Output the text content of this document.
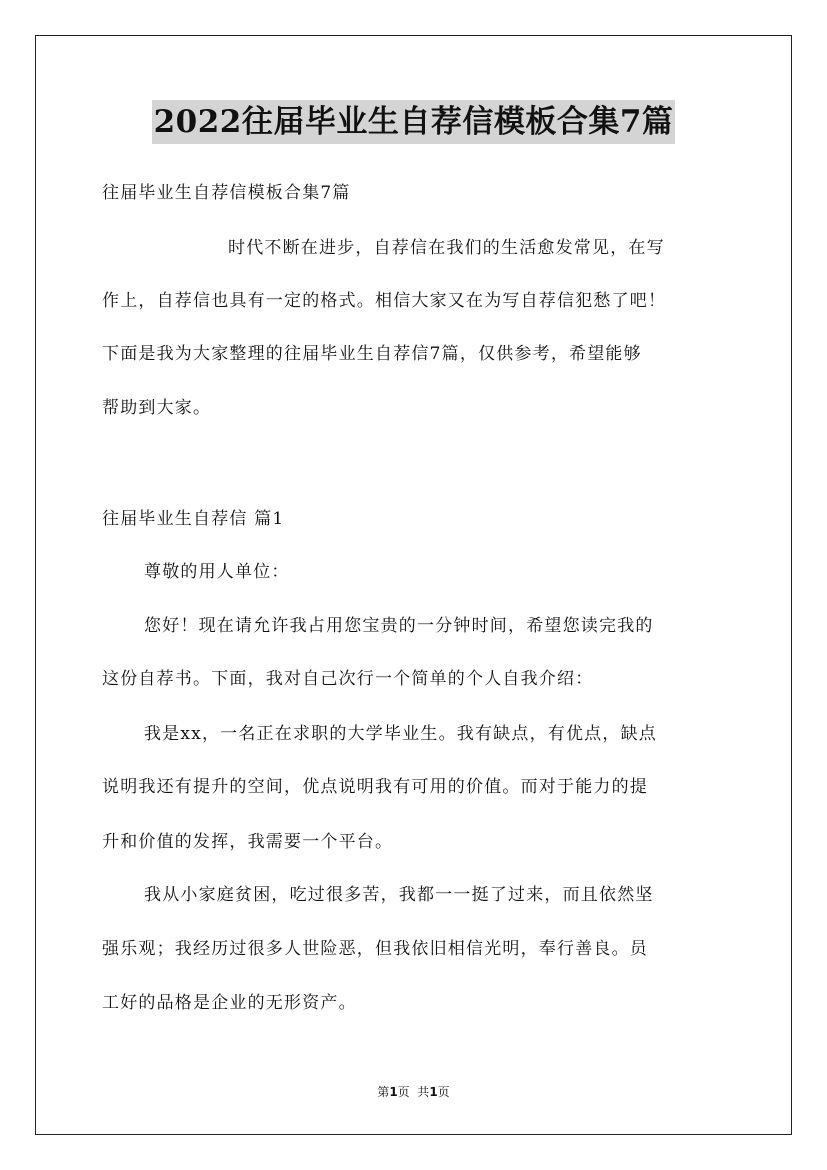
2022往届毕业生自荐信模板合集7篇

往届毕业生自荐信模板合集7篇

时代不断在进步，自荐信在我们的生活愈发常见，在写

作上，自荐信也具有一定的格式。相信大家又在为写自荐信犯愁了吧！

下面是我为大家整理的往届毕业生自荐信7篇，仅供参考，希望能够

帮助到大家。

往届毕业生自荐信 篇1

尊敬的用人单位：

您好！现在请允许我占用您宝贵的一分钟时间，希望您读完我的

这份自荐书。下面，我对自己次行一个简单的个人自我介绍：

我是xx，一名正在求职的大学毕业生。我有缺点，有优点，缺点

说明我还有提升的空间，优点说明我有可用的价值。而对于能力的提

升和价值的发挥，我需要一个平台。

我从小家庭贫困，吃过很多苦，我都一一挺了过来，而且依然坚

强乐观；我经历过很多人世险恶，但我依旧相信光明，奉行善良。员

工好的品格是企业的无形资产。

第1页  共1页
